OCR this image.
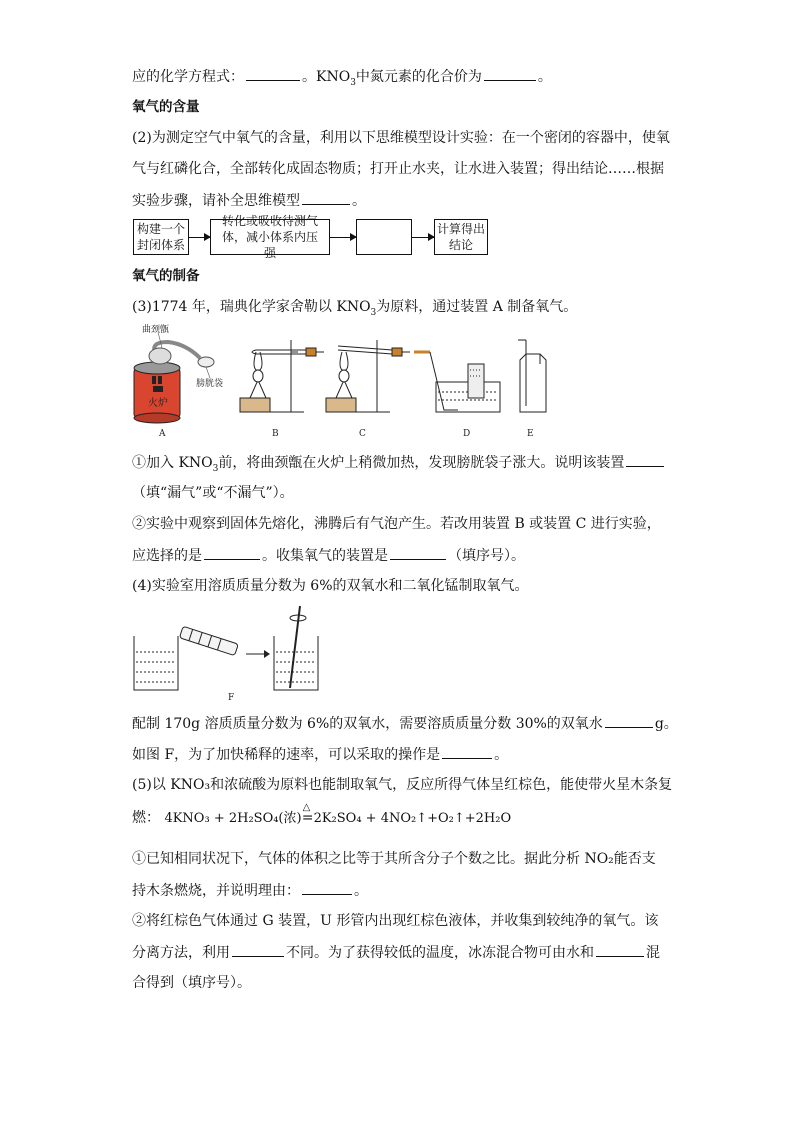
应的化学方程式：	。$KNO_3$中氮元素的化合价为	。
氧气的含量
(2)为测定空气中氧气的含量，利用以下思维模型设计实验：在一个密闭的容器中，使氧
气与红磷化合，全部转化成固态物质；打开止水夹，让水进入装置；得出结论……根据
实验步骤，请补全思维模型	。
构建一个封闭体系
转化或吸收待测气体，减小体系内压强
计算得出结论
氧气的制备
(3)1774 年，瑞典化学家舍勒以 $KNO_3$为原料，通过装置 A 制备氧气。
曲颈甑
膀胱袋
火炉
A	B	C	D	E
①加入 $KNO_3$前，将曲颈甑在火炉上稍微加热，发现膀胱袋子涨大。说明该装置
（填“漏气”或“不漏气”）。
②实验中观察到固体先熔化，沸腾后有气泡产生。若改用装置 B 或装置 C 进行实验，
应选择的是	。收集氧气的装置是	（填序号）。
(4)实验室用溶质质量分数为 6%的双氧水和二氧化锰制取氧气。
F
配制 170g 溶质质量分数为 6%的双氧水，需要溶质质量分数 30%的双氧水	g。
如图 F，为了加快稀释的速率，可以采取的操作是	。
(5)以 KNO₃和浓硫酸为原料也能制取氧气，反应所得气体呈红棕色，能使带火星木条复
燃： 4KNO₃ + 2H₂SO₄(浓)
△
=2K₂SO₄ + 4NO₂↑+O₂↑+2H₂O
①已知相同状况下，气体的体积之比等于其所含分子个数之比。据此分析 NO₂能否支
持木条燃烧，并说明理由：	。
②将红棕色气体通过 G 装置，U 形管内出现红棕色液体，并收集到较纯净的氧气。该
分离方法，利用	不同。为了获得较低的温度，冰冻混合物可由水和	混
合得到（填序号）。
